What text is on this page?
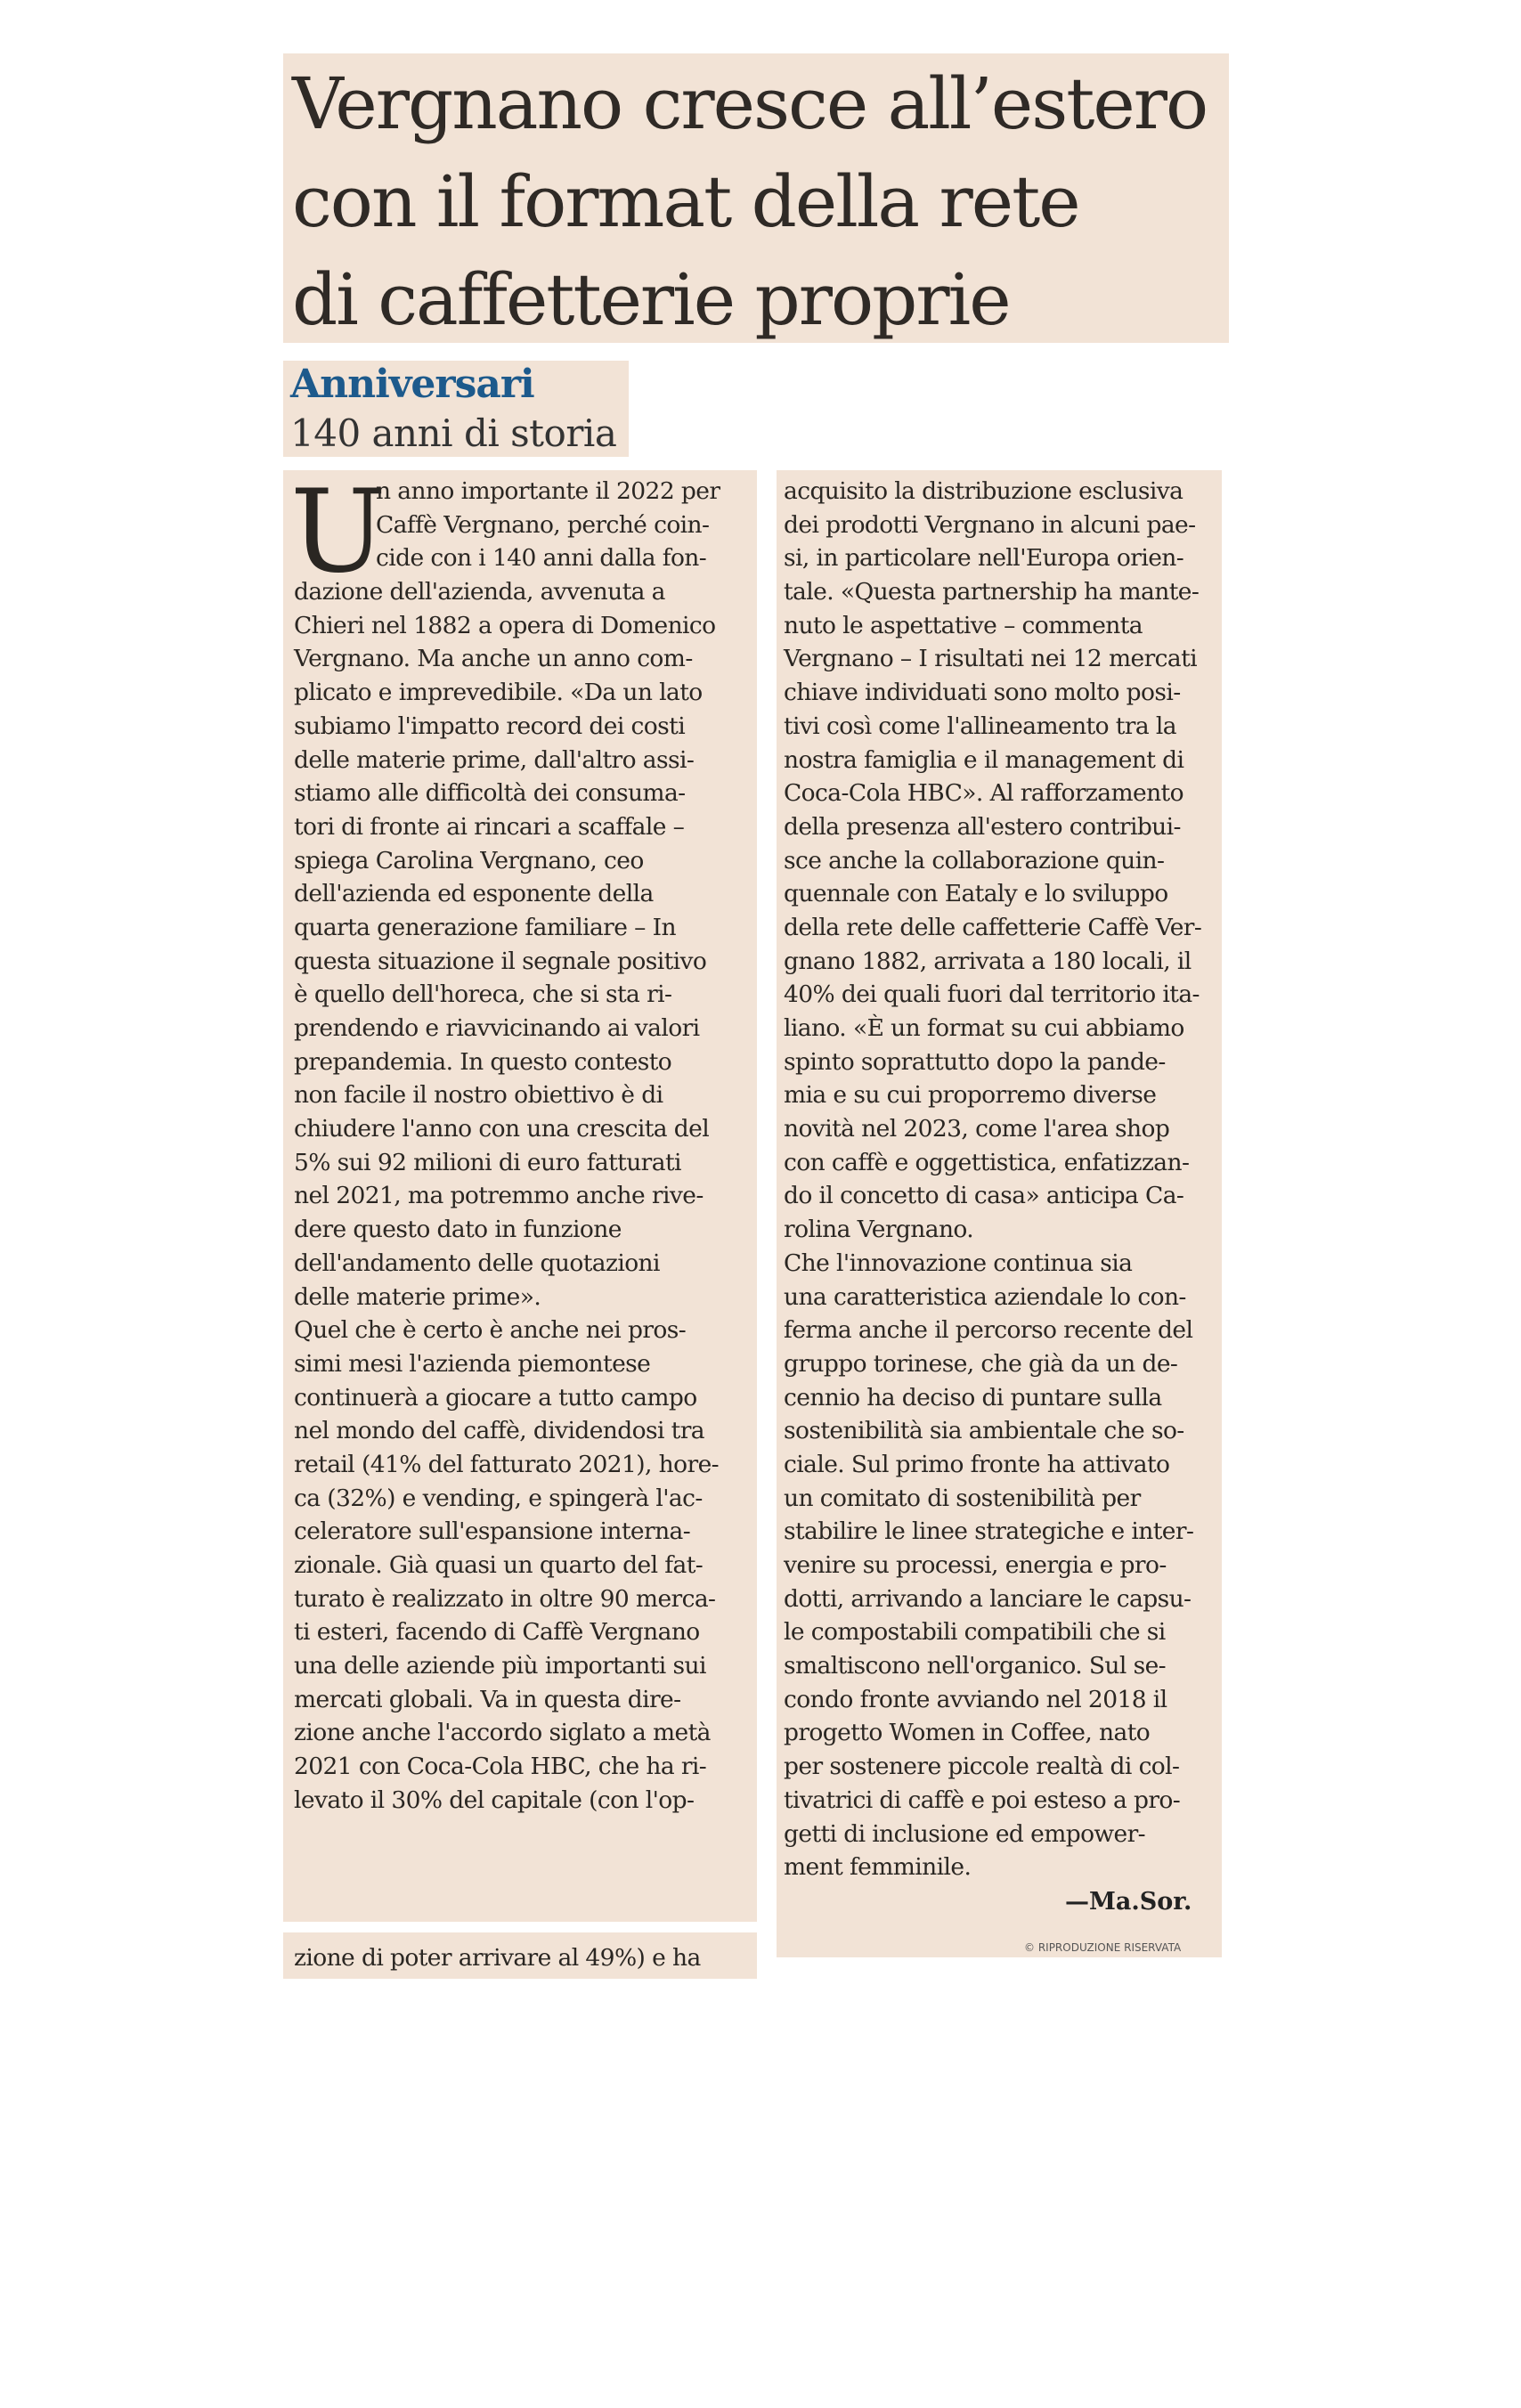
Vergnano cresce all’estero
con il format della rete
di caffetterie proprie

Anniversari

140 anni di storia

U
n anno importante il 2022 per
Caffè Vergnano, perché coin-
cide con i 140 anni dalla fon-
dazione dell'azienda, avvenuta a
Chieri nel 1882 a opera di Domenico
Vergnano. Ma anche un anno com-
plicato e imprevedibile. «Da un lato
subiamo l'impatto record dei costi
delle materie prime, dall'altro assi-
stiamo alle difficoltà dei consuma-
tori di fronte ai rincari a scaffale –
spiega Carolina Vergnano, ceo
dell'azienda ed esponente della
quarta generazione familiare – In
questa situazione il segnale positivo
è quello dell'horeca, che si sta ri-
prendendo e riavvicinando ai valori
prepandemia. In questo contesto
non facile il nostro obiettivo è di
chiudere l'anno con una crescita del
5% sui 92 milioni di euro fatturati
nel 2021, ma potremmo anche rive-
dere questo dato in funzione
dell'andamento delle quotazioni
delle materie prime».
Quel che è certo è anche nei pros-
simi mesi l'azienda piemontese
continuerà a giocare a tutto campo
nel mondo del caffè, dividendosi tra
retail (41% del fatturato 2021), hore-
ca (32%) e vending, e spingerà l'ac-
celeratore sull'espansione interna-
zionale. Già quasi un quarto del fat-
turato è realizzato in oltre 90 merca-
ti esteri, facendo di Caffè Vergnano
una delle aziende più importanti sui
mercati globali. Va in questa dire-
zione anche l'accordo siglato a metà
2021 con Coca-Cola HBC, che ha ri-
levato il 30% del capitale (con l'op-
zione di poter arrivare al 49%) e ha
acquisito la distribuzione esclusiva
dei prodotti Vergnano in alcuni pae-
si, in particolare nell'Europa orien-
tale. «Questa partnership ha mante-
nuto le aspettative – commenta
Vergnano – I risultati nei 12 mercati
chiave individuati sono molto posi-
tivi così come l'allineamento tra la
nostra famiglia e il management di
Coca-Cola HBC». Al rafforzamento
della presenza all'estero contribui-
sce anche la collaborazione quin-
quennale con Eataly e lo sviluppo
della rete delle caffetterie Caffè Ver-
gnano 1882, arrivata a 180 locali, il
40% dei quali fuori dal territorio ita-
liano. «È un format su cui abbiamo
spinto soprattutto dopo la pande-
mia e su cui proporremo diverse
novità nel 2023, come l'area shop
con caffè e oggettistica, enfatizzan-
do il concetto di casa» anticipa Ca-
rolina Vergnano.
Che l'innovazione continua sia
una caratteristica aziendale lo con-
ferma anche il percorso recente del
gruppo torinese, che già da un de-
cennio ha deciso di puntare sulla
sostenibilità sia ambientale che so-
ciale. Sul primo fronte ha attivato
un comitato di sostenibilità per
stabilire le linee strategiche e inter-
venire su processi, energia e pro-
dotti, arrivando a lanciare le capsu-
le compostabili compatibili che si
smaltiscono nell'organico. Sul se-
condo fronte avviando nel 2018 il
progetto Women in Coffee, nato
per sostenere piccole realtà di col-
tivatrici di caffè e poi esteso a pro-
getti di inclusione ed empower-
ment femminile.
—Ma.Sor.
© RIPRODUZIONE RISERVATA
